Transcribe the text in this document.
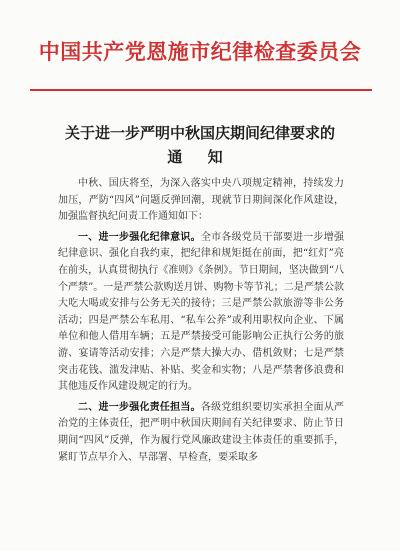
中国共产党恩施市纪律检查委员会
关于进一步严明中秋国庆期间纪律要求的
通 知

中秋、国庆将至，为深入落实中央八项规定精神，持续发力加压，严防“四风”问题反弹回潮，现就节日期间深化作风建设，加强监督执纪问责工作通知如下：

一、进一步强化纪律意识。全市各级党员干部要进一步增强纪律意识、强化自我约束，把纪律和规矩挺在前面，把“红灯”亮在前头，认真贯彻执行《准则》《条例》。节日期间，坚决做到“八个严禁”。一是严禁公款购送月饼、购物卡等节礼；二是严禁公款大吃大喝或安排与公务无关的接待；三是严禁公款旅游等非公务活动；四是严禁公车私用、“私车公养”或利用职权向企业、下属单位和他人借用车辆；五是严禁接受可能影响公正执行公务的旅游、宴请等活动安排；六是严禁大操大办、借机敛财；七是严禁突击花钱、滥发津贴、补贴、奖金和实物；八是严禁奢侈浪费和其他违反作风建设规定的行为。

二、进一步强化责任担当。各级党组织要切实承担全面从严治党的主体责任，把严明中秋国庆期间有关纪律要求、防止节日期间“四风”反弹，作为履行党风廉政建设主体责任的重要抓手，紧盯节点早介入、早部署、早检查，要采取多
